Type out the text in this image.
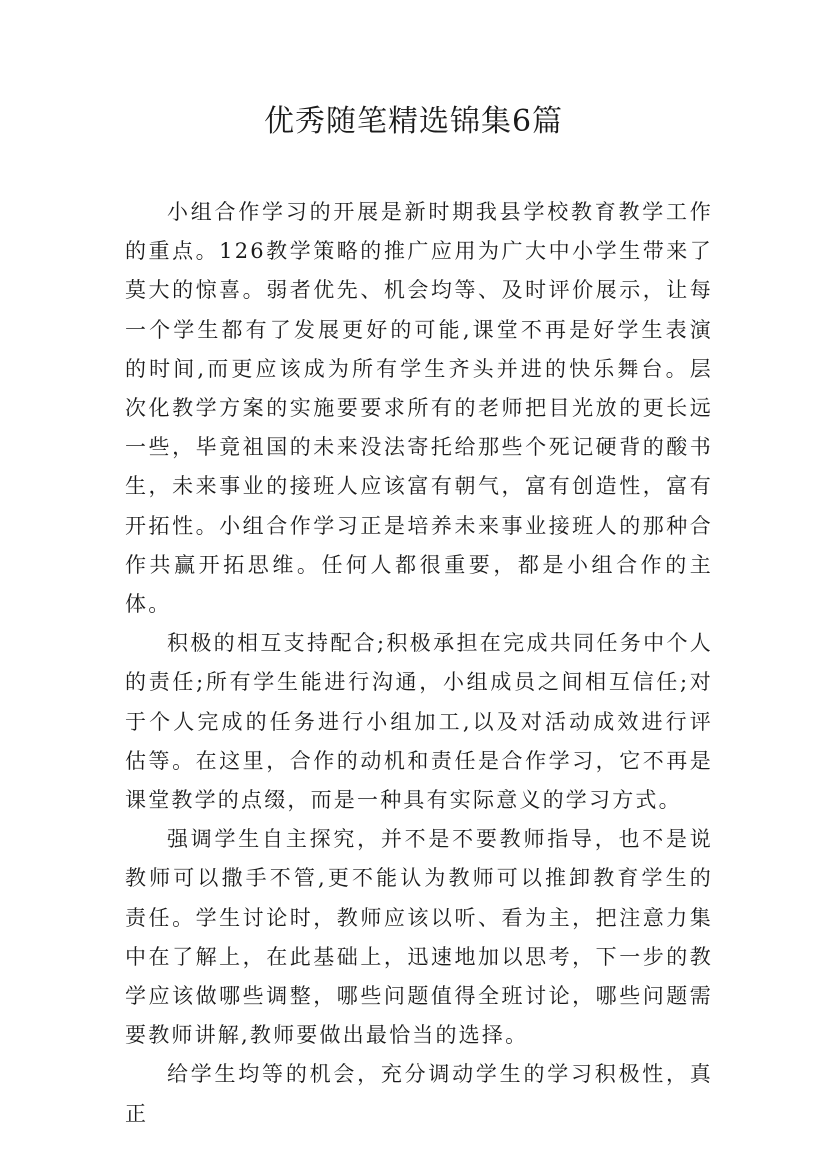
优秀随笔精选锦集6篇

小组合作学习的开展是新时期我县学校教育教学工作的重点。126教学策略的推广应用为广大中小学生带来了莫大的惊喜。弱者优先、机会均等、及时评价展示，让每一个学生都有了发展更好的可能,课堂不再是好学生表演的时间,而更应该成为所有学生齐头并进的快乐舞台。层次化教学方案的实施要要求所有的老师把目光放的更长远一些，毕竟祖国的未来没法寄托给那些个死记硬背的酸书生，未来事业的接班人应该富有朝气，富有创造性，富有开拓性。小组合作学习正是培养未来事业接班人的那种合作共赢开拓思维。任何人都很重要，都是小组合作的主体。

积极的相互支持配合;积极承担在完成共同任务中个人的责任;所有学生能进行沟通，小组成员之间相互信任;对于个人完成的任务进行小组加工,以及对活动成效进行评估等。在这里，合作的动机和责任是合作学习，它不再是课堂教学的点缀，而是一种具有实际意义的学习方式。

强调学生自主探究，并不是不要教师指导，也不是说教师可以撒手不管,更不能认为教师可以推卸教育学生的责任。学生讨论时，教师应该以听、看为主，把注意力集中在了解上，在此基础上，迅速地加以思考，下一步的教学应该做哪些调整，哪些问题值得全班讨论，哪些问题需要教师讲解,教师要做出最恰当的选择。

给学生均等的机会，充分调动学生的学习积极性，真正
